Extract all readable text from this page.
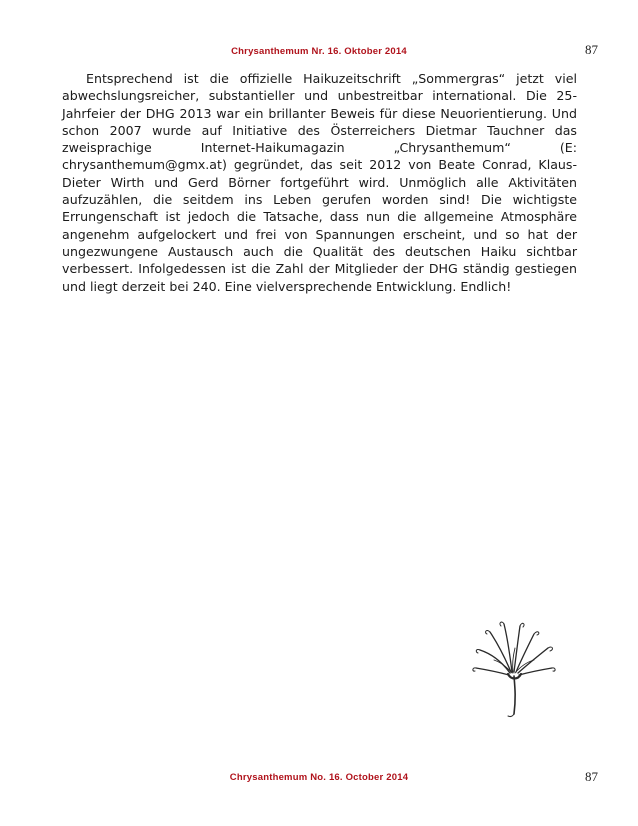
Chrysanthemum Nr. 16. Oktober 2014	87
Entsprechend ist die offizielle Haikuzeitschrift „Sommergras“ jetzt viel abwechslungsreicher, substantieller und unbestreitbar international. Die 25-Jahrfeier der DHG 2013 war ein brillanter Beweis für diese Neuorientierung. Und schon 2007 wurde auf Initiative des Österreichers Dietmar Tauchner das zweisprachige Internet-Haikumagazin „Chrysanthemum“ (E: chrysanthemum@gmx.at) gegründet, das seit 2012 von Beate Conrad, Klaus-Dieter Wirth und Gerd Börner fortgeführt wird. Unmöglich alle Aktivitäten aufzuzählen, die seitdem ins Leben gerufen worden sind! Die wichtigste Errungenschaft ist jedoch die Tatsache, dass nun die allgemeine Atmosphäre angenehm aufgelockert und frei von Spannungen erscheint, und so hat der ungezwungene Austausch auch die Qualität des deutschen Haiku sichtbar verbessert. Infolgedessen ist die Zahl der Mitglieder der DHG ständig gestiegen und liegt derzeit bei 240. Eine vielversprechende Entwicklung. Endlich!
Chrysanthemum No. 16. October 2014	87
